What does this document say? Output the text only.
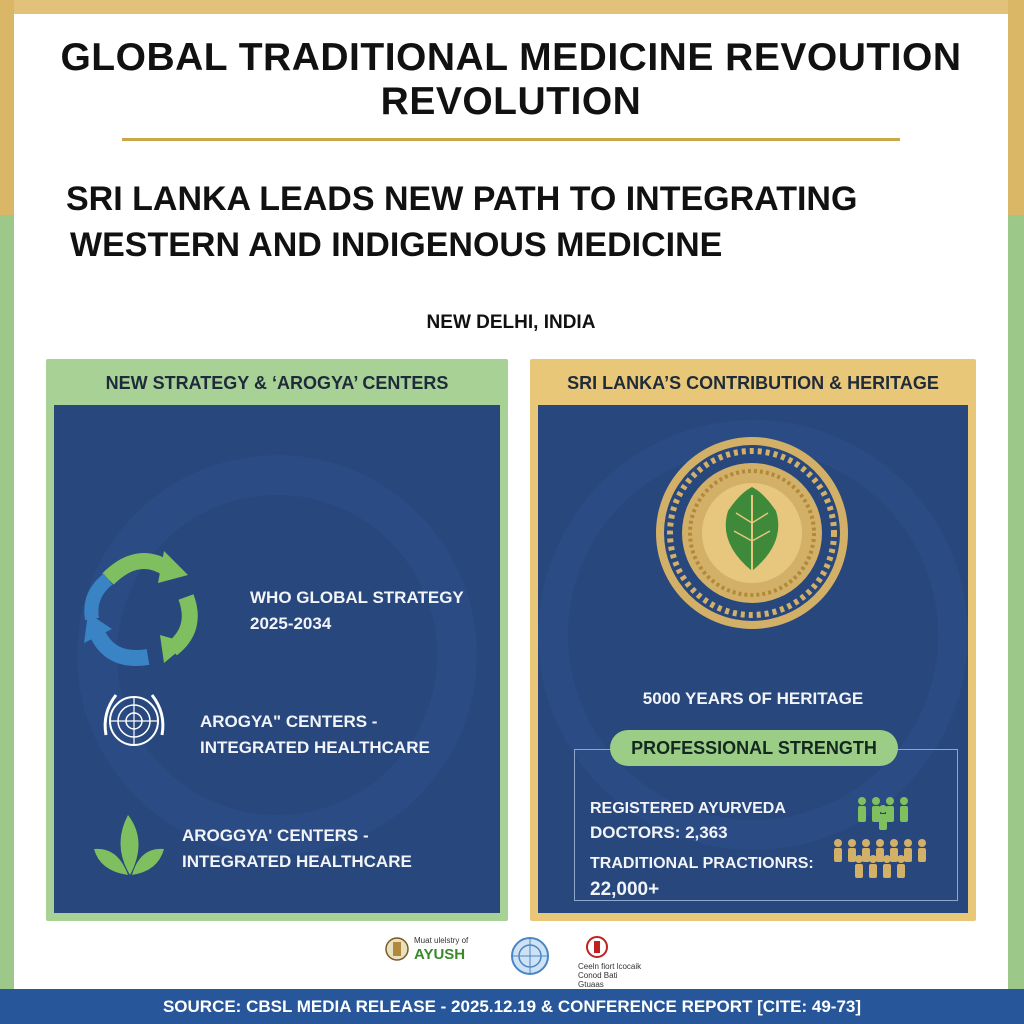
GLOBAL TRADITIONAL MEDICINE REVOUTION
REVOLUTION
SRI LANKA LEADS NEW PATH TO INTEGRATING
WESTERN AND INDIGENOUS MEDICINE
NEW DELHI, INDIA
NEW STRATEGY & ‘AROGYA’ CENTERS
WHO GLOBAL STRATEGY
2025-2034
AROGYA" CENTERS -
INTEGRATED HEALTHCARE
AROGGYA' CENTERS -
INTEGRATED HEALTHCARE
SRI LANKA’S CONTRIBUTION & HERITAGE
5000 YEARS OF HERITAGE
PROFESSIONAL STRENGTH
REGISTERED AYURVEDA
DOCTORS: 2,363
TRADITIONAL PRACTIONRS:
22,000+
Muat ulelstry of
AYUSH
Ceeln fiort lcocaik
Conod Bati Gtuaas
SOURCE: CBSL MEDIA RELEASE - 2025.12.19 & CONFERENCE REPORT [CITE: 49-73]
